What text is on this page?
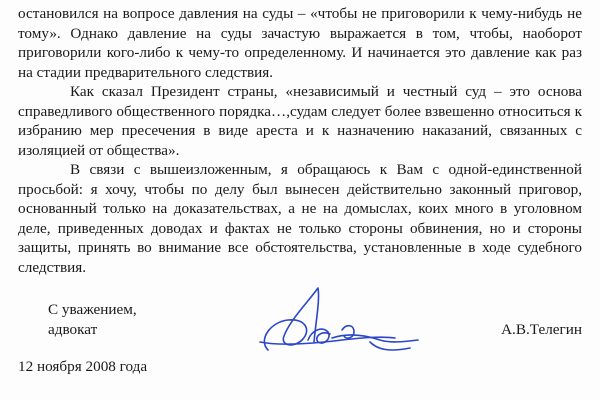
остановился на вопросе давления на суды – «чтобы не приговорили к чему-нибудь не тому». Однако давление на суды зачастую выражается в том, чтобы, наоборот приговорили кого-либо к чему-то определенному. И начинается это давление как раз на стадии предварительного следствия.

Как сказал Президент страны, «независимый и честный суд – это основа справедливого общественного порядка…,судам следует более взвешенно относиться к избранию мер пресечения в виде ареста и к назначению наказаний, связанных с изоляцией от общества».

В связи с вышеизложенным, я обращаюсь к Вам с одной-единственной просьбой: я хочу, чтобы по делу был вынесен действительно законный приговор, основанный только на доказательствах, а не на домыслах, коих много в уголовном деле, приведенных доводах и фактах не только стороны обвинения, но и стороны защиты, принять во внимание все обстоятельства, установленные в ходе судебного следствия.

С уважением,
адвокат	А.В.Телегин
12 ноября 2008 года
